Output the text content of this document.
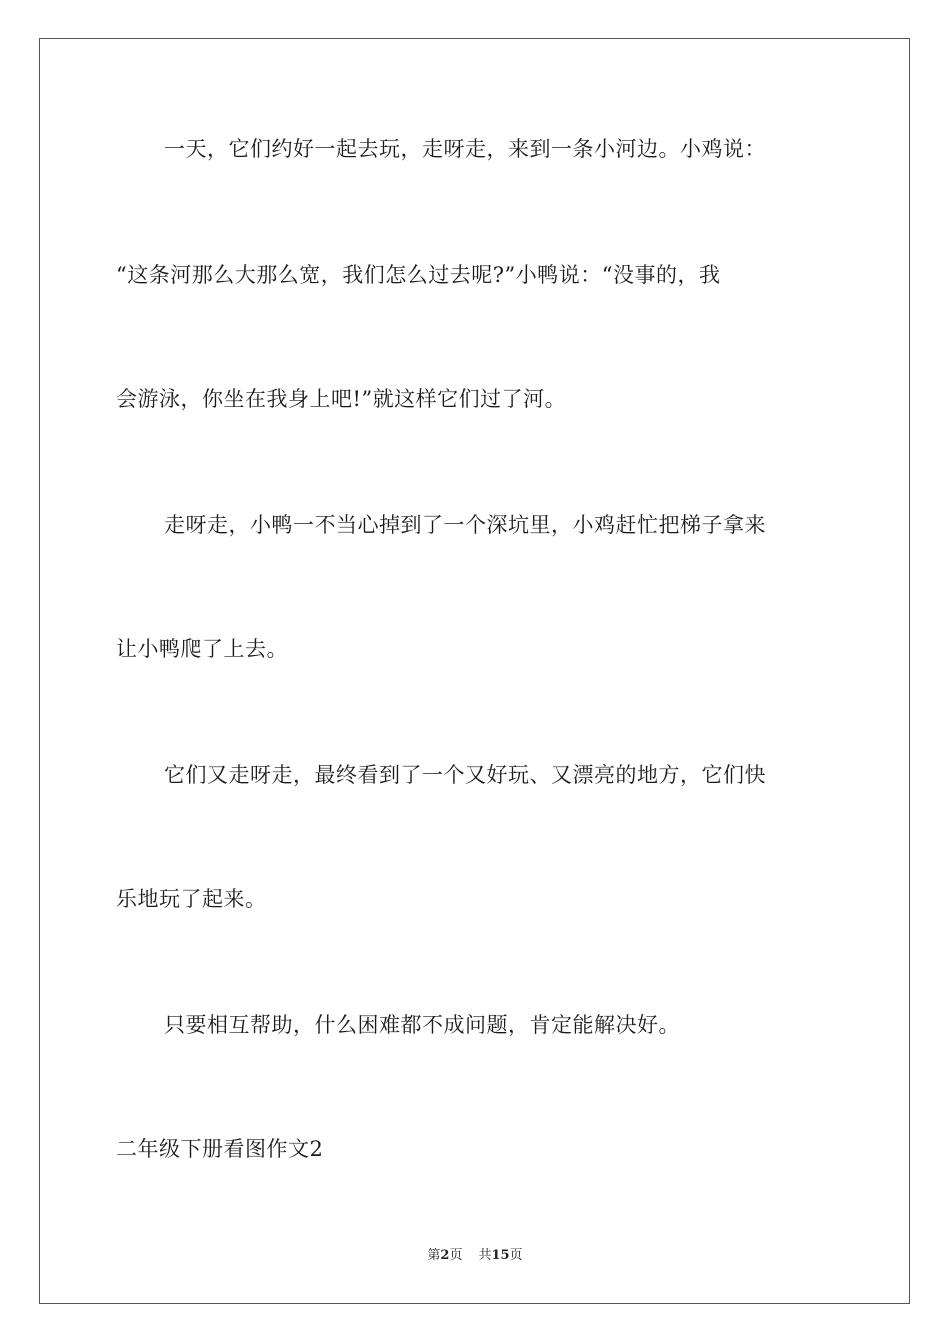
一天，它们约好一起去玩，走呀走，来到一条小河边。小鸡说：
“这条河那么大那么宽，我们怎么过去呢?”小鸭说：“没事的，我
会游泳，你坐在我身上吧!”就这样它们过了河。
走呀走，小鸭一不当心掉到了一个深坑里，小鸡赶忙把梯子拿来
让小鸭爬了上去。
它们又走呀走，最终看到了一个又好玩、又漂亮的地方，它们快
乐地玩了起来。
只要相互帮助，什么困难都不成问题，肯定能解决好。
二年级下册看图作文2
第2页 共15页
